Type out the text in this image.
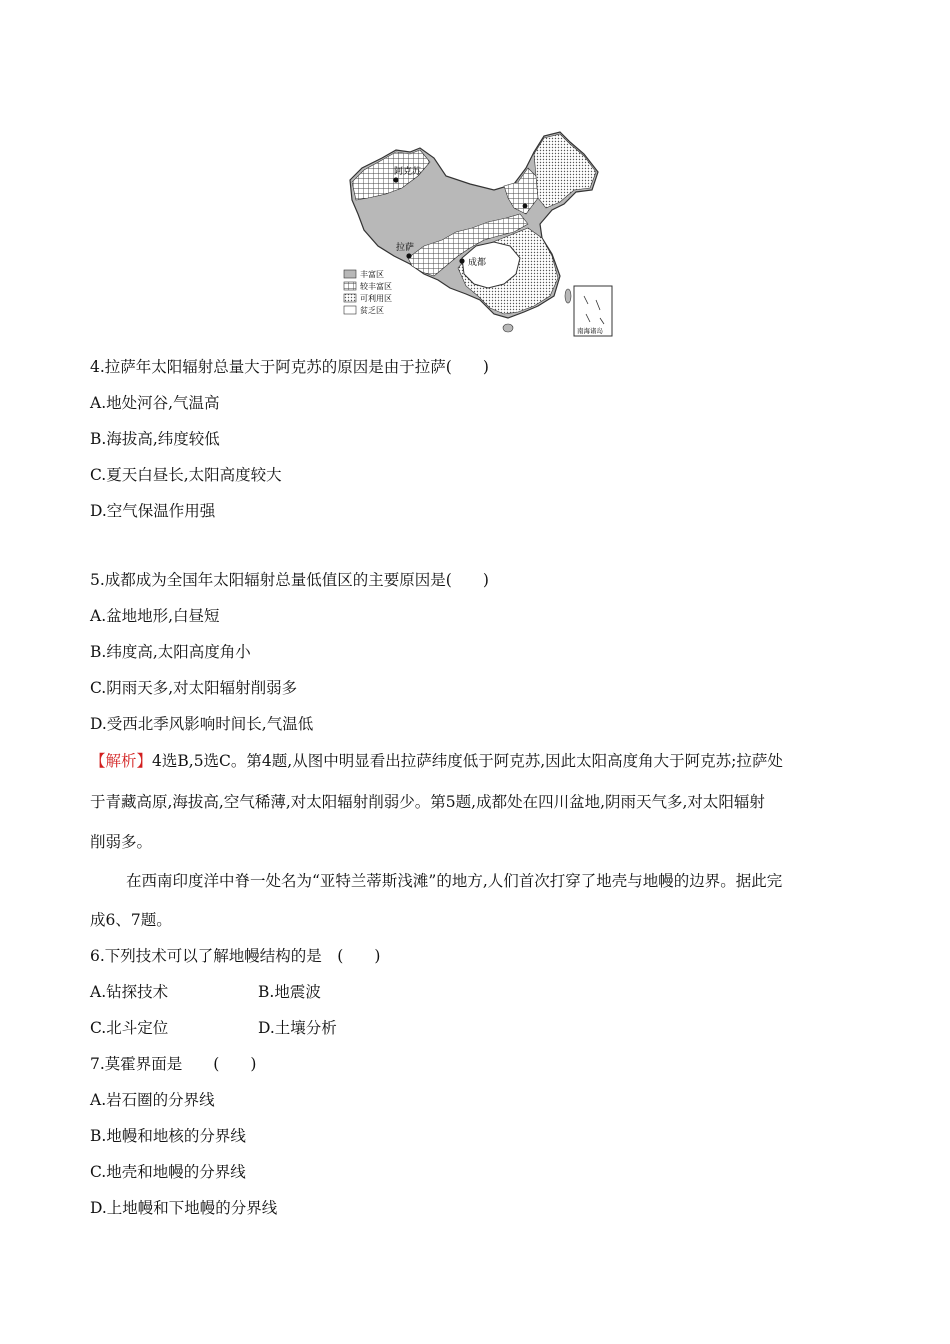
阿克苏
拉萨
成都
丰富区
较丰富区
可利用区
贫乏区
南海诸岛
4.拉萨年太阳辐射总量大于阿克苏的原因是由于拉萨(　　)
A.地处河谷,气温高
B.海拔高,纬度较低
C.夏天白昼长,太阳高度较大
D.空气保温作用强
5.成都成为全国年太阳辐射总量低值区的主要原因是(　　)
A.盆地地形,白昼短
B.纬度高,太阳高度角小
C.阴雨天多,对太阳辐射削弱多
D.受西北季风影响时间长,气温低
【解析】4选B,5选C。第4题,从图中明显看出拉萨纬度低于阿克苏,因此太阳高度角大于阿克苏;拉萨处
于青藏高原,海拔高,空气稀薄,对太阳辐射削弱少。第5题,成都处在四川盆地,阴雨天气多,对太阳辐射
削弱多。
在西南印度洋中脊一处名为“亚特兰蒂斯浅滩”的地方,人们首次打穿了地壳与地幔的边界。据此完
成6、7题。
6.下列技术可以了解地幔结构的是　(　　)
A.钻探技术	B.地震波
C.北斗定位	D.土壤分析
7.莫霍界面是　　(　　)
A.岩石圈的分界线
B.地幔和地核的分界线
C.地壳和地幔的分界线
D.上地幔和下地幔的分界线
